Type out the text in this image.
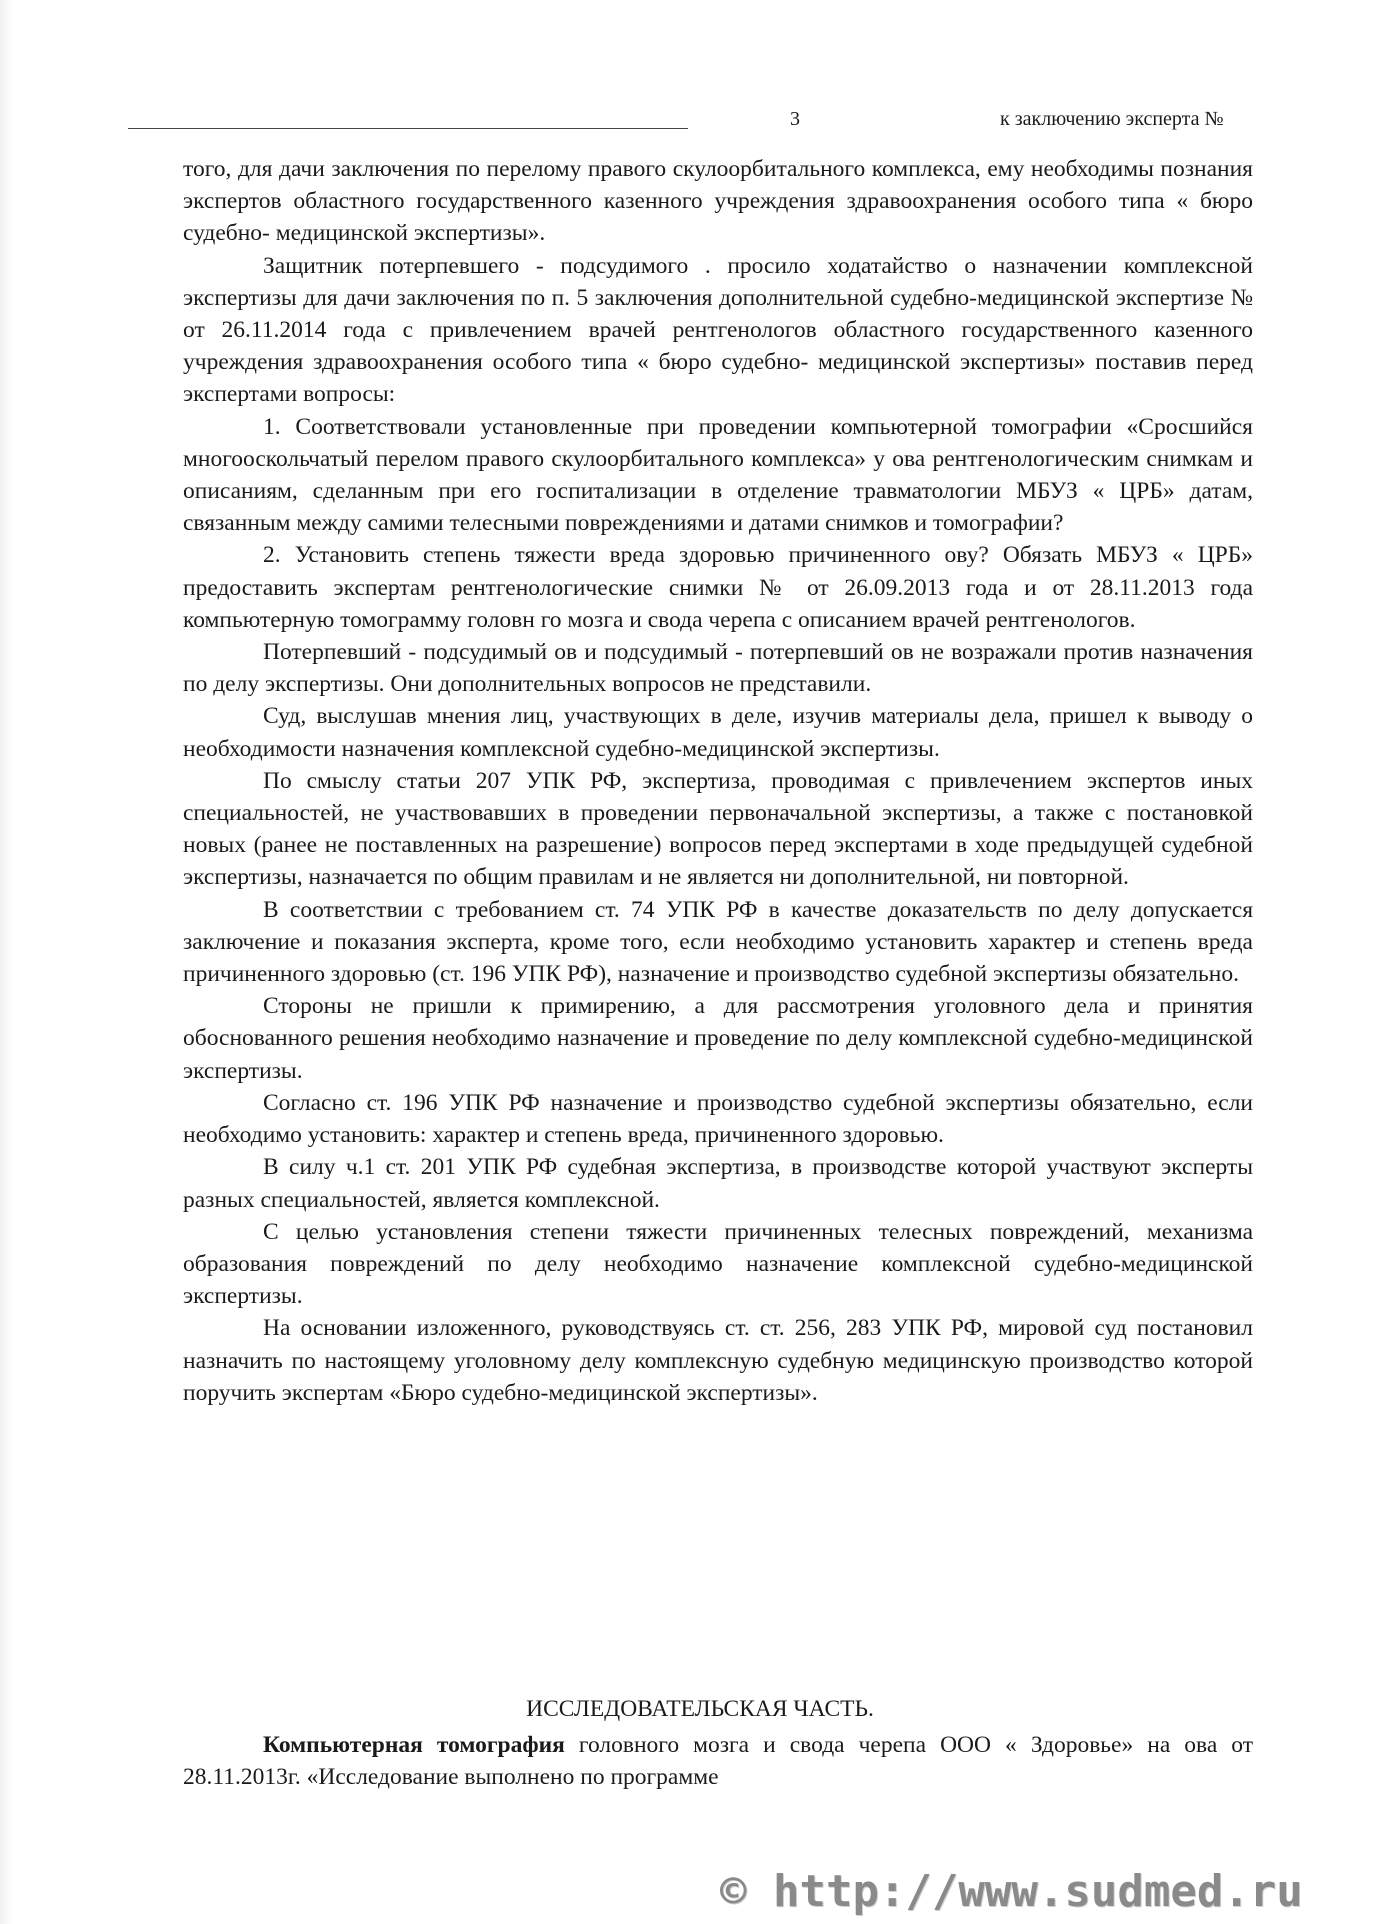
3	к заключению эксперта №

того, для дачи заключения по перелому правого скулоорбитального комплекса, ему необходимы познания экспертов областного государственного казенного учреждения здравоохранения особого типа « бюро судебно- медицинской экспертизы».

Защитник потерпевшего - подсудимого . просило ходатайство о назначении комплексной экспертизы для дачи заключения по п. 5 заключения дополнительной судебно-медицинской экспертизе № от 26.11.2014 года с привлечением врачей рентгенологов областного государственного казенного учреждения здравоохранения особого типа « бюро судебно- медицинской экспертизы» поставив перед экспертами вопросы:

1. Соответствовали установленные при проведении компьютерной томографии «Сросшийся многооскольчатый перелом правого скулоорбитального комплекса» у ова рентгенологическим снимкам и описаниям, сделанным при его госпитализации в отделение травматологии МБУЗ « ЦРБ» датам, связанным между самими телесными повреждениями и датами снимков и томографии?

2. Установить степень тяжести вреда здоровью причиненного ову? Обязать МБУЗ « ЦРБ» предоставить экспертам рентгенологические снимки № от 26.09.2013 года и от 28.11.2013 года компьютерную томограмму головн го мозга и свода черепа с описанием врачей рентгенологов.

Потерпевший - подсудимый ов и подсудимый - потерпевший ов не возражали против назначения по делу экспертизы. Они дополнительных вопросов не представили.

Суд, выслушав мнения лиц, участвующих в деле, изучив материалы дела, пришел к выводу о необходимости назначения комплексной судебно-медицинской экспертизы.

По смыслу статьи 207 УПК РФ, экспертиза, проводимая с привлечением экспертов иных специальностей, не участвовавших в проведении первоначальной экспертизы, а также с постановкой новых (ранее не поставленных на разрешение) вопросов перед экспертами в ходе предыдущей судебной экспертизы, назначается по общим правилам и не является ни дополнительной, ни повторной.

В соответствии с требованием ст. 74 УПК РФ в качестве доказательств по делу допускается заключение и показания эксперта, кроме того, если необходимо установить характер и степень вреда причиненного здоровью (ст. 196 УПК РФ), назначение и производство судебной экспертизы обязательно.

Стороны не пришли к примирению, а для рассмотрения уголовного дела и принятия обоснованного решения необходимо назначение и проведение по делу комплексной судебно-медицинской экспертизы.

Согласно ст. 196 УПК РФ назначение и производство судебной экспертизы обязательно, если необходимо установить: характер и степень вреда, причиненного здоровью.

В силу ч.1 ст. 201 УПК РФ судебная экспертиза, в производстве которой участвуют эксперты разных специальностей, является комплексной.

С целью установления степени тяжести причиненных телесных повреждений, механизма образования повреждений по делу необходимо назначение комплексной судебно-медицинской экспертизы.

На основании изложенного, руководствуясь ст. ст. 256, 283 УПК РФ, мировой суд постановил назначить по настоящему уголовному делу комплексную судебную медицинскую производство которой поручить экспертам «Бюро судебно-медицинской экспертизы».

ИССЛЕДОВАТЕЛЬСКАЯ ЧАСТЬ.
Компьютерная томография головного мозга и свода черепа ООО « Здоровье» на ова от 28.11.2013г. «Исследование выполнено по программе
© http://www.sudmed.ru
